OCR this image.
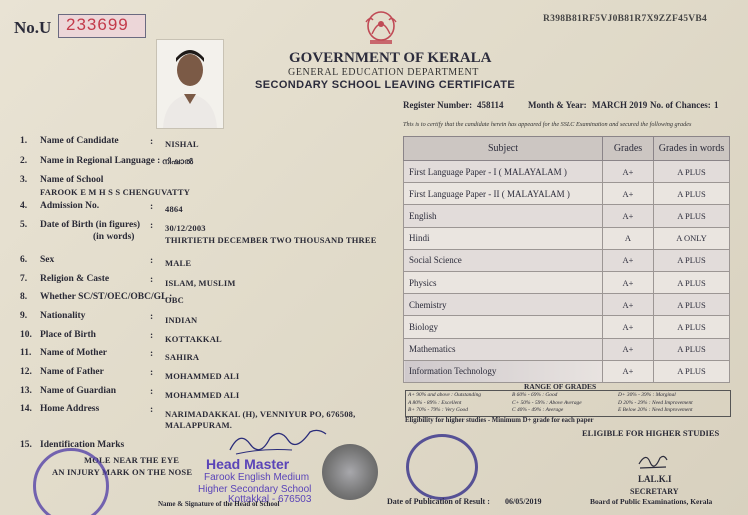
No.U 233699	R398B81RF5VJ0B81R7X9ZZF45VB4
GOVERNMENT OF KERALA
GENERAL EDUCATION DEPARTMENT
SECONDARY SCHOOL LEAVING CERTIFICATE
Register Number: 458114	Month & Year: MARCH 2019 No. of Chances: 1
This is to certify that the candidate herein has appeared for the SSLC Examination and secured the following grades
1. Name of Candidate	: NISHAL
2. Name in Regional Language : നിഷാൽ
3. Name of School
FAROOK E M H S S CHENGUVATTY
4. Admission No.	: 4864
5. Date of Birth (in figures) : 30/12/2003
(in words)	THIRTIETH DECEMBER TWO THOUSAND THREE
6. Sex	: MALE
7. Religion & Caste	: ISLAM, MUSLIM
8. Whether SC/ST/OEC/OBC/GL :
OBC
9. Nationality	: INDIAN
10. Place of Birth	: KOTTAKKAL
11. Name of Mother	: SAHIRA
12. Name of Father	: MOHAMMED ALI
13. Name of Guardian	: MOHAMMED ALI
14. Home Address	: NARIMADAKKAL (H), VENNIYUR PO, 676508,
MALAPPURAM.
15. Identification Marks
MOLE NEAR THE EYE
AN INJURY MARK ON THE NOSE
Subject	Grades	Grades in words
First Language Paper - I ( MALAYALAM )	A+	A PLUS
First Language Paper - II ( MALAYALAM )	A+	A PLUS
English	A+	A PLUS
Hindi	A	A ONLY
Social Science	A+	A PLUS
Physics	A+	A PLUS
Chemistry	A+	A PLUS
Biology	A+	A PLUS
Mathematics	A+	A PLUS
Information Technology	A+	A PLUS
RANGE OF GRADES
A+ 90% and above : Outstanding
A 80% - 89% : Excellent
B+ 70% - 79% : Very Good
B 60% - 69% : Good
C+ 50% - 59% : Above Average
C 40% - 49% : Average
D+ 30% - 39% : Marginal
D 20% - 29% : Need Improvement
E Below 20% : Need Improvement
Eligibility for higher studies - Minimum D+ grade for each paper
ELIGIBLE FOR HIGHER STUDIES
Head Master
Farook English Medium
Higher Secondary School
Kottakkal - 676503
Name & Signature of the Head of School	Date of Publication of Result : 06/05/2019
LAL.K.I
SECRETARY
Board of Public Examinations, Kerala
